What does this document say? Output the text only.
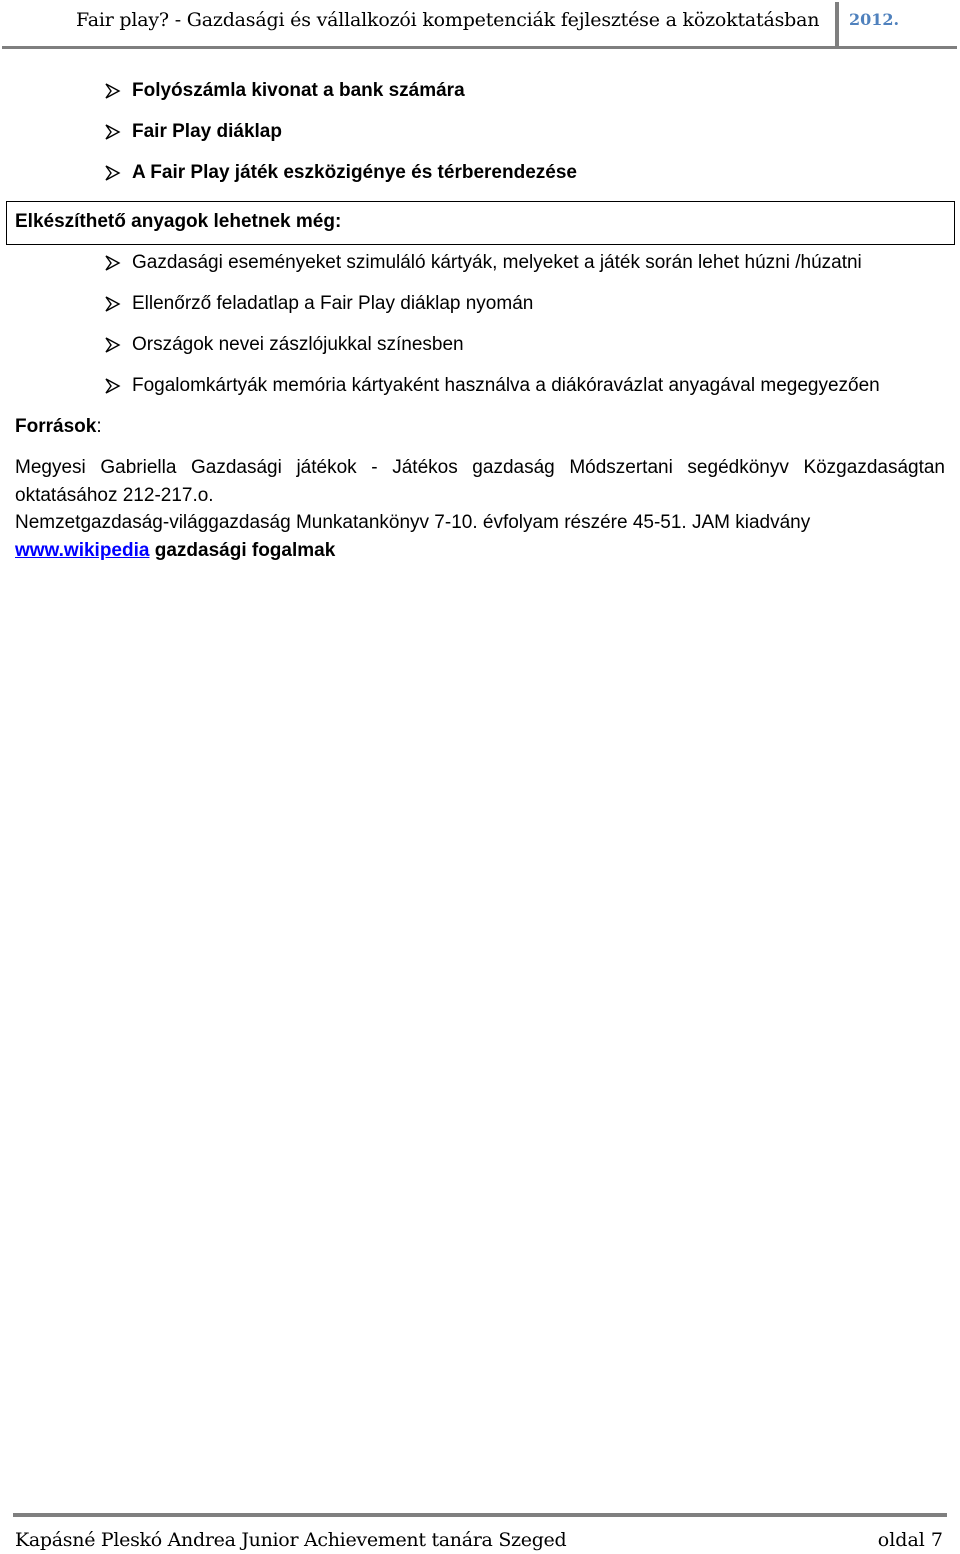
Fair play? - Gazdasági és vállalkozói kompetenciák fejlesztése a közoktatásban 2012.
Folyószámla kivonat a bank számára
Fair Play diáklap
A Fair Play játék eszközigénye és térberendezése
Elkészíthető anyagok lehetnek még:
Gazdasági eseményeket szimuláló kártyák, melyeket a játék során lehet húzni /húzatni
Ellenőrző feladatlap a Fair Play diáklap nyomán
Országok nevei zászlójukkal színesben
Fogalomkártyák memória kártyaként használva a diákóravázlat anyagával megegyezően
Források:
Megyesi Gabriella Gazdasági játékok - Játékos gazdaság Módszertani segédkönyv Közgazdaságtan
oktatásához 212-217.o.
Nemzetgazdaság-világgazdaság Munkatankönyv 7-10. évfolyam részére 45-51. JAM kiadvány
www.wikipedia gazdasági fogalmak
Kapásné Pleskó Andrea Junior Achievement tanára Szeged	oldal 7
